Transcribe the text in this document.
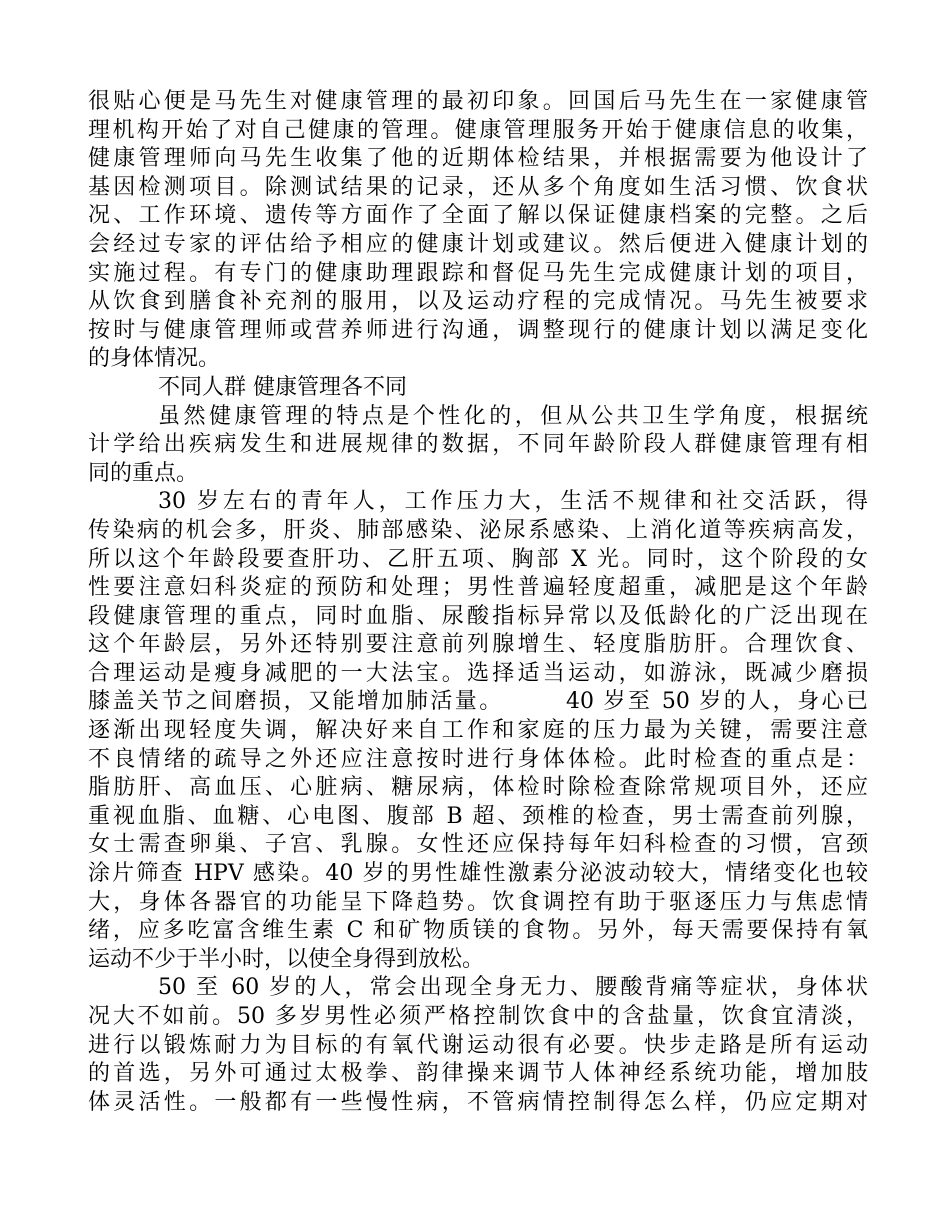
很贴心便是马先生对健康管理的最初印象。回国后马先生在一家健康管
理机构开始了对自己健康的管理。健康管理服务开始于健康信息的收集，
健康管理师向马先生收集了他的近期体检结果，并根据需要为他设计了
基因检测项目。除测试结果的记录，还从多个角度如生活习惯、饮食状
况、工作环境、遗传等方面作了全面了解以保证健康档案的完整。之后
会经过专家的评估给予相应的健康计划或建议。然后便进入健康计划的
实施过程。有专门的健康助理跟踪和督促马先生完成健康计划的项目，
从饮食到膳食补充剂的服用，以及运动疗程的完成情况。马先生被要求
按时与健康管理师或营养师进行沟通，调整现行的健康计划以满足变化
的身体情况。
不同人群 健康管理各不同
虽然健康管理的特点是个性化的，但从公共卫生学角度，根据统
计学给出疾病发生和进展规律的数据，不同年龄阶段人群健康管理有相
同的重点。
30 岁左右的青年人，工作压力大，生活不规律和社交活跃，得
传染病的机会多，肝炎、肺部感染、泌尿系感染、上消化道等疾病高发，
所以这个年龄段要查肝功、乙肝五项、胸部 X 光。同时，这个阶段的女
性要注意妇科炎症的预防和处理；男性普遍轻度超重，减肥是这个年龄
段健康管理的重点，同时血脂、尿酸指标异常以及低龄化的广泛出现在
这个年龄层，另外还特别要注意前列腺增生、轻度脂肪肝。合理饮食、
合理运动是瘦身减肥的一大法宝。选择适当运动，如游泳，既减少磨损
膝盖关节之间磨损，又能增加肺活量。　　　40 岁至 50 岁的人，身心已
逐渐出现轻度失调，解决好来自工作和家庭的压力最为关键，需要注意
不良情绪的疏导之外还应注意按时进行身体体检。此时检查的重点是：
脂肪肝、高血压、心脏病、糖尿病，体检时除检查除常规项目外，还应
重视血脂、血糖、心电图、腹部 B 超、颈椎的检查，男士需查前列腺，
女士需查卵巢、子宫、乳腺。女性还应保持每年妇科检查的习惯，宫颈
涂片筛查 HPV 感染。40 岁的男性雄性激素分泌波动较大，情绪变化也较
大，身体各器官的功能呈下降趋势。饮食调控有助于驱逐压力与焦虑情
绪，应多吃富含维生素 C 和矿物质镁的食物。另外，每天需要保持有氧
运动不少于半小时，以使全身得到放松。
50 至 60 岁的人，常会出现全身无力、腰酸背痛等症状，身体状
况大不如前。50 多岁男性必须严格控制饮食中的含盐量，饮食宜清淡，
进行以锻炼耐力为目标的有氧代谢运动很有必要。快步走路是所有运动
的首选，另外可通过太极拳、韵律操来调节人体神经系统功能，增加肢
体灵活性。一般都有一些慢性病，不管病情控制得怎么样，仍应定期对
